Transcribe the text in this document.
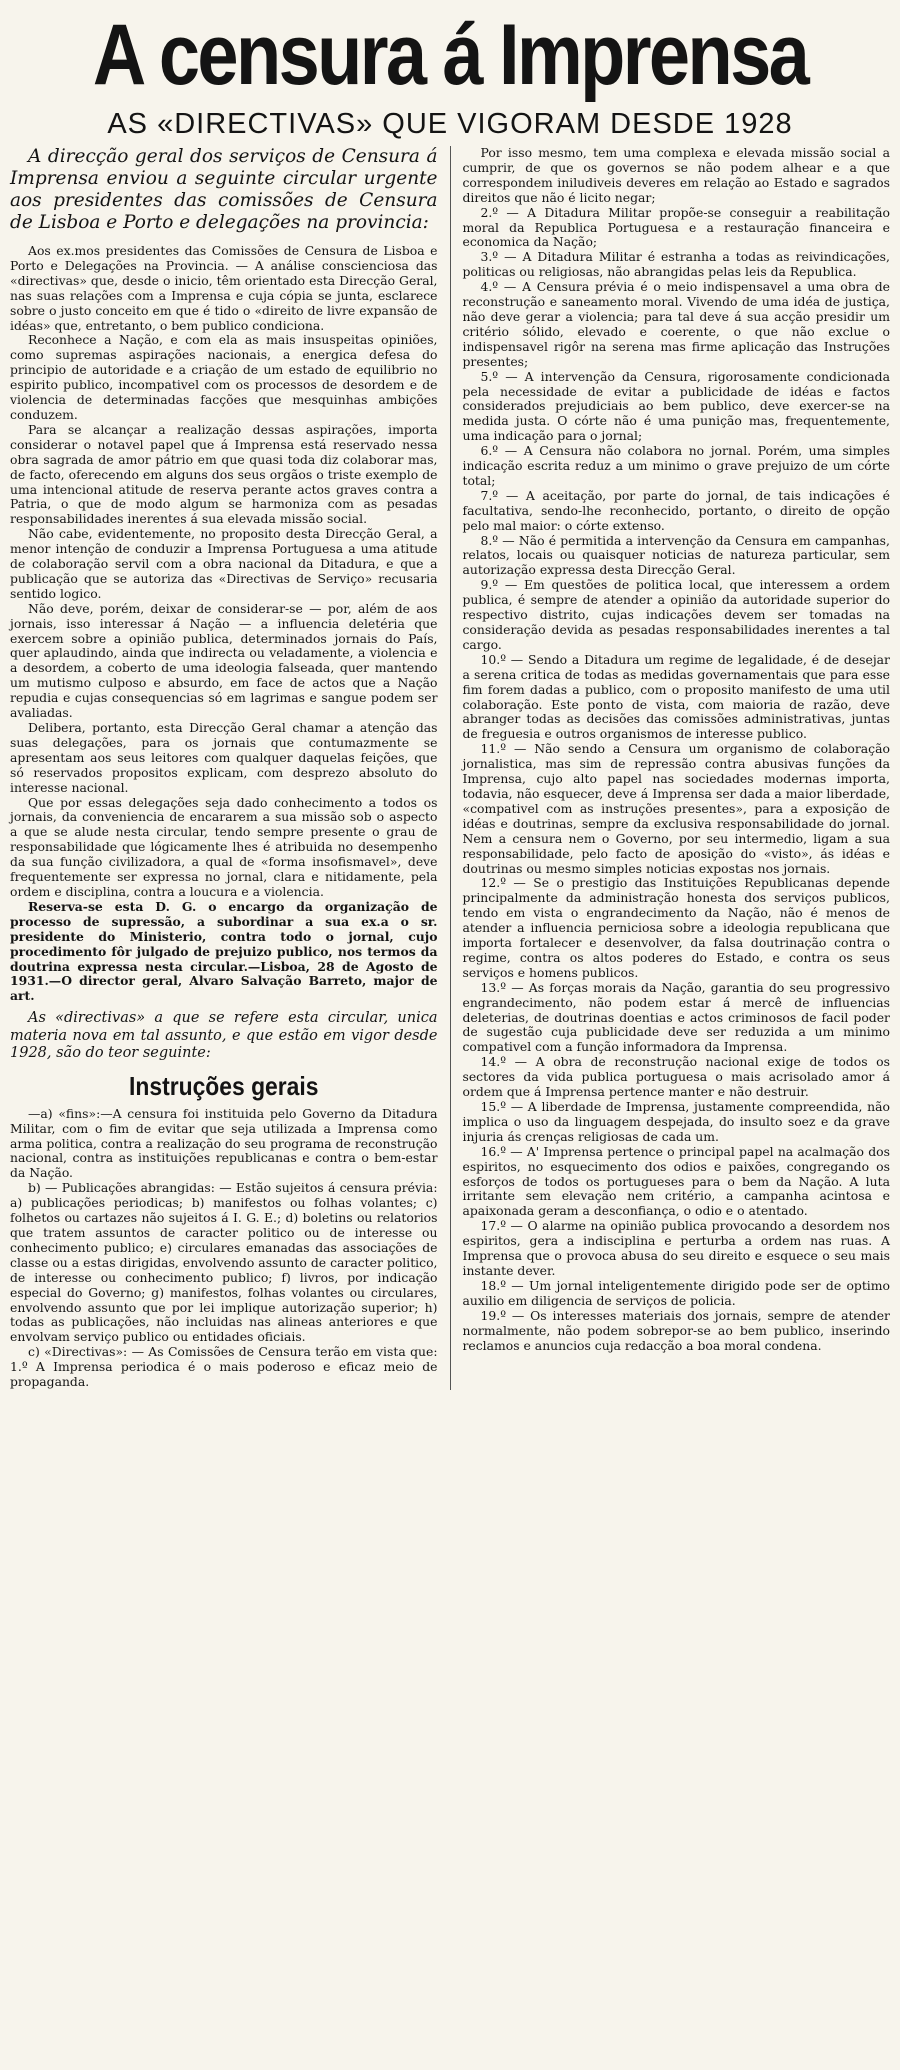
A censura á Imprensa
AS «DIRECTIVAS» QUE VIGORAM DESDE 1928

A direcção geral dos serviços de Censura á Imprensa enviou a seguinte circular urgente aos presidentes das comissões de Censura de Lisboa e Porto e delegações na provincia:

Aos ex.mos presidentes das Comissões de Censura de Lisboa e Porto e Delegações na Provincia. — A análise conscienciosa das «directivas» que, desde o inicio, têm orientado esta Direcção Geral, nas suas relações com a Imprensa e cuja cópia se junta, esclarece sobre o justo conceito em que é tido o «direito de livre expansão de idéas» que, entretanto, o bem publico condiciona.

Reconhece a Nação, e com ela as mais insuspeitas opiniões, como supremas aspirações nacionais, a energica defesa do principio de autoridade e a criação de um estado de equilibrio no espirito publico, incompativel com os processos de desordem e de violencia de determinadas facções que mesquinhas ambições conduzem.

Para se alcançar a realização dessas aspirações, importa considerar o notavel papel que á Imprensa está reservado nessa obra sagrada de amor pátrio em que quasi toda diz colaborar mas, de facto, oferecendo em alguns dos seus orgãos o triste exemplo de uma intencional atitude de reserva perante actos graves contra a Patria, o que de modo algum se harmoniza com as pesadas responsabilidades inerentes á sua elevada missão social.

Não cabe, evidentemente, no proposito desta Direcção Geral, a menor intenção de conduzir a Imprensa Portuguesa a uma atitude de colaboração servil com a obra nacional da Ditadura, e que a publicação que se autoriza das «Directivas de Serviço» recusaria sentido logico.

Não deve, porém, deixar de considerar-se — por, além de aos jornais, isso interessar á Nação — a influencia deletéria que exercem sobre a opinião publica, determinados jornais do País, quer aplaudindo, ainda que indirecta ou veladamente, a violencia e a desordem, a coberto de uma ideologia falseada, quer mantendo um mutismo culposo e absurdo, em face de actos que a Nação repudia e cujas consequencias só em lagrimas e sangue podem ser avaliadas.

Delibera, portanto, esta Direcção Geral chamar a atenção das suas delegações, para os jornais que contumazmente se apresentam aos seus leitores com qualquer daquelas feições, que só reservados propositos explicam, com desprezo absoluto do interesse nacional.

Que por essas delegações seja dado conhecimento a todos os jornais, da conveniencia de encararem a sua missão sob o aspecto a que se alude nesta circular, tendo sempre presente o grau de responsabilidade que lógicamente lhes é atribuida no desempenho da sua função civilizadora, a qual de «forma insofismavel», deve frequentemente ser expressa no jornal, clara e nitidamente, pela ordem e disciplina, contra a loucura e a violencia.

Reserva-se esta D. G. o encargo da organização de processo de supressão, a subordinar a sua ex.a o sr. presidente do Ministerio, contra todo o jornal, cujo procedimento fôr julgado de prejuizo publico, nos termos da doutrina expressa nesta circular.—Lisboa, 28 de Agosto de 1931.—O director geral, Alvaro Salvação Barreto, major de art.

As «directivas» a que se refere esta circular, unica materia nova em tal assunto, e que estão em vigor desde 1928, são do teor seguinte:

Instruções gerais

—a) «fins»:—A censura foi instituida pelo Governo da Ditadura Militar, com o fim de evitar que seja utilizada a Imprensa como arma politica, contra a realização do seu programa de reconstrução nacional, contra as instituições republicanas e contra o bem-estar da Nação.

b) — Publicações abrangidas: — Estão sujeitos á censura prévia: a) publicações periodicas; b) manifestos ou folhas volantes; c) folhetos ou cartazes não sujeitos á I. G. E.; d) boletins ou relatorios que tratem assuntos de caracter politico ou de interesse ou conhecimento publico; e) circulares emanadas das associações de classe ou a estas dirigidas, envolvendo assunto de caracter politico, de interesse ou conhecimento publico; f) livros, por indicação especial do Governo; g) manifestos, folhas volantes ou circulares, envolvendo assunto que por lei implique autorização superior; h) todas as publicações, não incluidas nas alineas anteriores e que envolvam serviço publico ou entidades oficiais.

c) «Directivas»: — As Comissões de Censura terão em vista que: 1.º A Imprensa periodica é o mais poderoso e eficaz meio de propaganda.

Por isso mesmo, tem uma complexa e elevada missão social a cumprir, de que os governos se não podem alhear e a que correspondem iniludiveis deveres em relação ao Estado e sagrados direitos que não é licito negar;

2.º — A Ditadura Militar propõe-se conseguir a reabilitação moral da Republica Portuguesa e a restauração financeira e economica da Nação;

3.º — A Ditadura Militar é estranha a todas as reivindicações, politicas ou religiosas, não abrangidas pelas leis da Republica.

4.º — A Censura prévia é o meio indispensavel a uma obra de reconstrução e saneamento moral. Vivendo de uma idéa de justiça, não deve gerar a violencia; para tal deve á sua acção presidir um critério sólido, elevado e coerente, o que não exclue o indispensavel rigôr na serena mas firme aplicação das Instruções presentes;

5.º — A intervenção da Censura, rigorosamente condicionada pela necessidade de evitar a publicidade de idéas e factos considerados prejudiciais ao bem publico, deve exercer-se na medida justa. O córte não é uma punição mas, frequentemente, uma indicação para o jornal;

6.º — A Censura não colabora no jornal. Porém, uma simples indicação escrita reduz a um minimo o grave prejuizo de um córte total;

7.º — A aceitação, por parte do jornal, de tais indicações é facultativa, sendo-lhe reconhecido, portanto, o direito de opção pelo mal maior: o córte extenso.

8.º — Não é permitida a intervenção da Censura em campanhas, relatos, locais ou quaisquer noticias de natureza particular, sem autorização expressa desta Direcção Geral.

9.º — Em questões de politica local, que interessem a ordem publica, é sempre de atender a opinião da autoridade superior do respectivo distrito, cujas indicações devem ser tomadas na consideração devida as pesadas responsabilidades inerentes a tal cargo.

10.º — Sendo a Ditadura um regime de legalidade, é de desejar a serena critica de todas as medidas governamentais que para esse fim forem dadas a publico, com o proposito manifesto de uma util colaboração. Este ponto de vista, com maioria de razão, deve abranger todas as decisões das comissões administrativas, juntas de freguesia e outros organismos de interesse publico.

11.º — Não sendo a Censura um organismo de colaboração jornalistica, mas sim de repressão contra abusivas funções da Imprensa, cujo alto papel nas sociedades modernas importa, todavia, não esquecer, deve á Imprensa ser dada a maior liberdade, «compativel com as instruções presentes», para a exposição de idéas e doutrinas, sempre da exclusiva responsabilidade do jornal. Nem a censura nem o Governo, por seu intermedio, ligam a sua responsabilidade, pelo facto de aposição do «visto», ás idéas e doutrinas ou mesmo simples noticias expostas nos jornais.

12.º — Se o prestigio das Instituições Republicanas depende principalmente da administração honesta dos serviços publicos, tendo em vista o engrandecimento da Nação, não é menos de atender a influencia perniciosa sobre a ideologia republicana que importa fortalecer e desenvolver, da falsa doutrinação contra o regime, contra os altos poderes do Estado, e contra os seus serviços e homens publicos.

13.º — As forças morais da Nação, garantia do seu progressivo engrandecimento, não podem estar á mercê de influencias deleterias, de doutrinas doentias e actos criminosos de facil poder de sugestão cuja publicidade deve ser reduzida a um minimo compativel com a função informadora da Imprensa.

14.º — A obra de reconstrução nacional exige de todos os sectores da vida publica portuguesa o mais acrisolado amor á ordem que á Imprensa pertence manter e não destruir.

15.º — A liberdade de Imprensa, justamente compreendida, não implica o uso da linguagem despejada, do insulto soez e da grave injuria ás crenças religiosas de cada um.

16.º — A' Imprensa pertence o principal papel na acalmação dos espiritos, no esquecimento dos odios e paixões, congregando os esforços de todos os portugueses para o bem da Nação. A luta irritante sem elevação nem critério, a campanha acintosa e apaixonada geram a desconfiança, o odio e o atentado.

17.º — O alarme na opinião publica provocando a desordem nos espiritos, gera a indisciplina e perturba a ordem nas ruas. A Imprensa que o provoca abusa do seu direito e esquece o seu mais instante dever.

18.º — Um jornal inteligentemente dirigido pode ser de optimo auxilio em diligencia de serviços de policia.

19.º — Os interesses materiais dos jornais, sempre de atender normalmente, não podem sobrepor-se ao bem publico, inserindo reclamos e anuncios cuja redacção a boa moral condena.
